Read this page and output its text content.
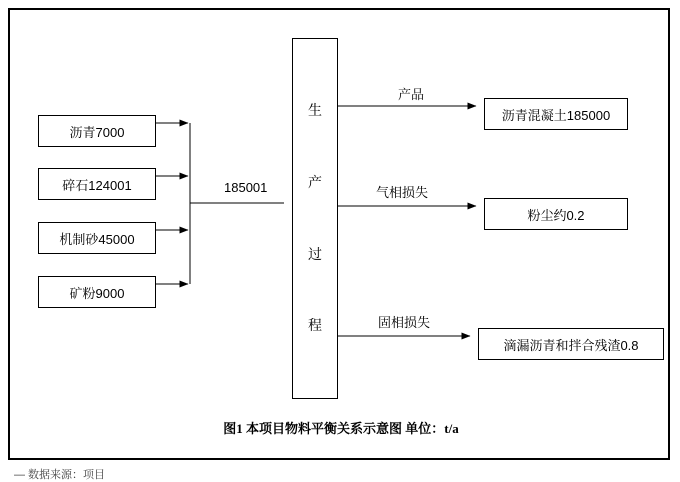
沥青7000
碎石124001
机制砂45000
矿粉9000
185001
生
产
过
程
产品
气相损失
固相损失
沥青混凝土185000
粉尘约0.2
滴漏沥青和拌合残渣0.8
图1 本项目物料平衡关系示意图 单位：t/a
— 数据来源：项目
